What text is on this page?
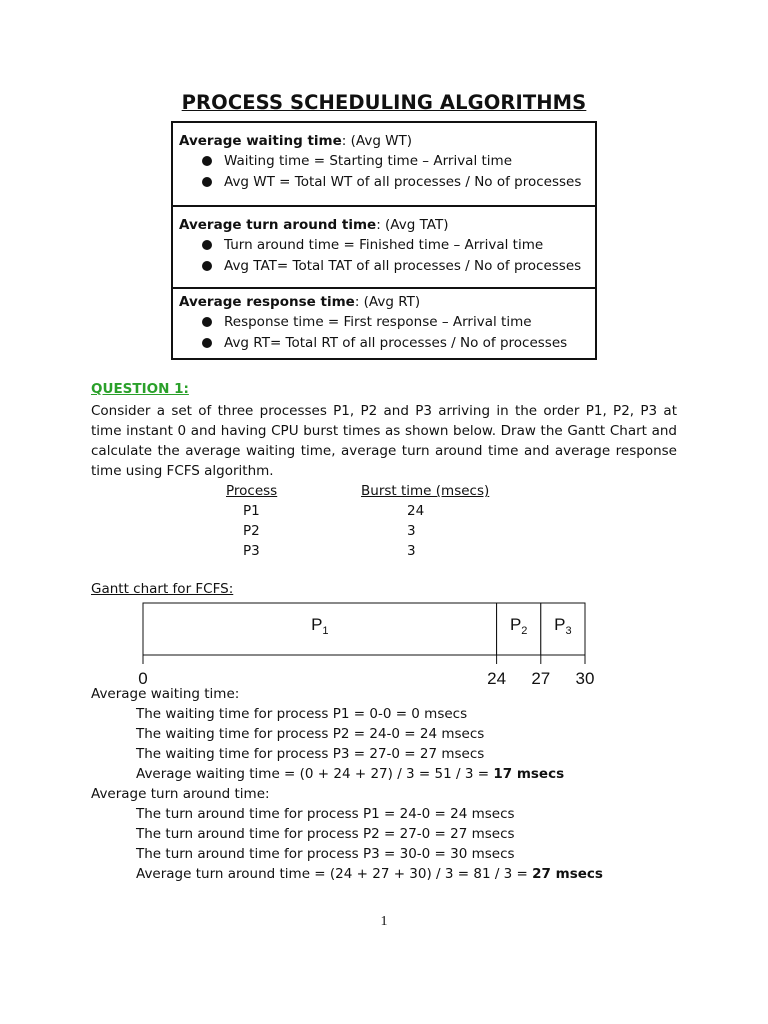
PROCESS SCHEDULING ALGORITHMS
Average waiting time: (Avg WT)
Waiting time = Starting time – Arrival time
Avg WT = Total WT of all processes / No of processes
Average turn around time: (Avg TAT)
Turn around time = Finished time – Arrival time
Avg TAT= Total TAT of all processes / No of processes
Average response time: (Avg RT)
Response time = First response – Arrival time
Avg RT= Total RT of all processes / No of processes
QUESTION 1:
Consider a set of three processes P1, P2 and P3 arriving in the order P1, P2, P3 at time instant 0 and having CPU burst times as shown below. Draw the Gantt Chart and calculate the average waiting time, average turn around time and average response time using FCFS algorithm.
Process
P1
P2
P3
Burst time (msecs)
24
3
3
Gantt chart for FCFS:
$P_1$	$P_2$ $P_3$
0	24 27 30
Average waiting time:
The waiting time for process P1 = 0-0 = 0 msecs
The waiting time for process P2 = 24-0 = 24 msecs
The waiting time for process P3 = 27-0 = 27 msecs
Average waiting time = (0 + 24 + 27) / 3 = 51 / 3 = 17 msecs
Average turn around time:
The turn around time for process P1 = 24-0 = 24 msecs
The turn around time for process P2 = 27-0 = 27 msecs
The turn around time for process P3 = 30-0 = 30 msecs
Average turn around time = (24 + 27 + 30) / 3 = 81 / 3 = 27 msecs
1
